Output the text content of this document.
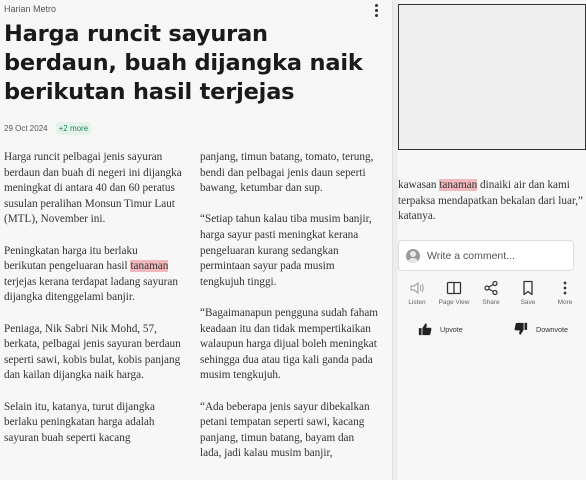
Harian Metro
Harga runcit sayuran berdaun, buah dijangka naik berikutan hasil terjejas
29 Oct 2024	+2 more

Harga runcit pelbagai jenis sayuran berdaun dan buah di negeri ini dijangka meningkat di antara 40 dan 60 peratus susulan peralihan Monsun Timur Laut (MTL), November ini.

Peningkatan harga itu berlaku berikutan pengeluaran hasil tanaman terjejas kerana terdapat ladang sayuran dijangka ditenggelami banjir.

Peniaga, Nik Sabri Nik Mohd, 57, berkata, pelbagai jenis sayuran berdaun seperti sawi, kobis bulat, kobis panjang dan kailan dijangka naik harga.

Selain itu, katanya, turut dijangka berlaku peningkatan harga adalah sayuran buah seperti kacang

panjang, timun batang, tomato, terung, bendi dan pelbagai jenis daun seperti bawang, ketumbar dan sup.

“Setiap tahun kalau tiba musim banjir, harga sayur pasti meningkat kerana pengeluaran kurang sedangkan permintaan sayur pada musim tengkujuh tinggi.

“Bagaimanapun pengguna sudah faham keadaan itu dan tidak mempertikaikan walaupun harga dijual boleh meningkat sehingga dua atau tiga kali ganda pada musim tengkujuh.

“Ada beberapa jenis sayur dibekalkan petani tempatan seperti sawi, kacang panjang, timun batang, bayam dan lada, jadi kalau musim banjir,

kawasan tanaman dinaiki air dan kami terpaksa mendapatkan bekalan dari luar,” katanya.
Write a comment...
Listen Page View Share	Save	More
Upvote	Downvote
